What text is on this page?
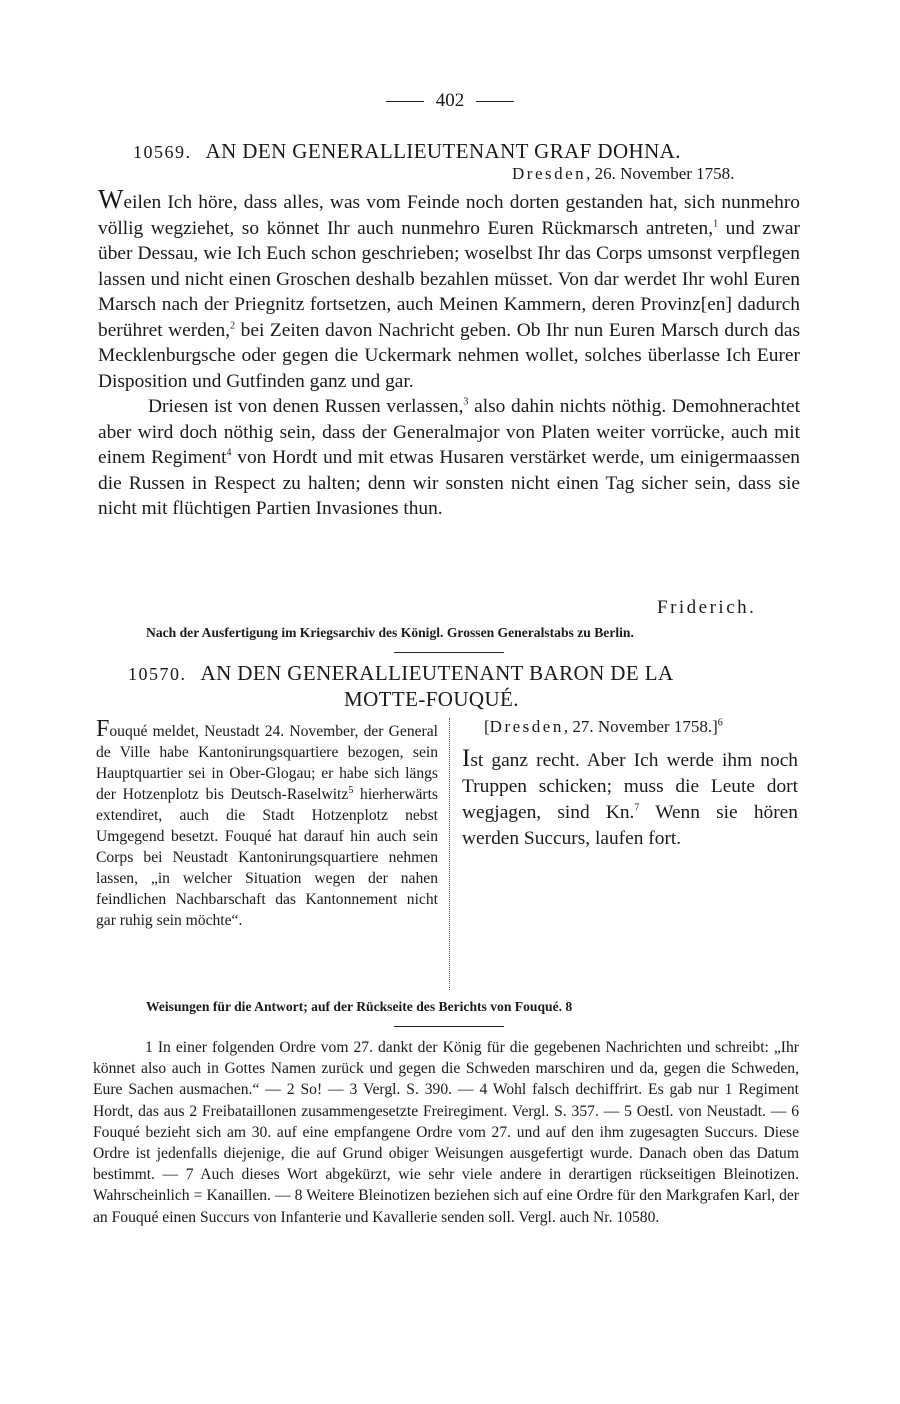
402
10569. AN DEN GENERALLIEUTENANT GRAF DOHNA.
Dresden, 26. November 1758.

Weilen Ich höre, dass alles, was vom Feinde noch dorten gestanden hat, sich nunmehro völlig wegziehet, so könnet Ihr auch nunmehro Euren Rückmarsch antreten,$^1$ und zwar über Dessau, wie Ich Euch schon geschrieben; woselbst Ihr das Corps umsonst verpflegen lassen und nicht einen Groschen deshalb bezahlen müsset. Von dar werdet Ihr wohl Euren Marsch nach der Priegnitz fortsetzen, auch Meinen Kammern, deren Provinz[en] dadurch berühret werden,$^2$ bei Zeiten davon Nachricht geben. Ob Ihr nun Euren Marsch durch das Mecklenburgsche oder gegen die Uckermark nehmen wollet, solches überlasse Ich Eurer Disposition und Gutfinden ganz und gar.

Driesen ist von denen Russen verlassen,$^3$ also dahin nichts nöthig. Demohnerachtet aber wird doch nöthig sein, dass der Generalmajor von Platen weiter vorrücke, auch mit einem Regiment$^4$ von Hordt und mit etwas Husaren verstärket werde, um einigermaassen die Russen in Respect zu halten; denn wir sonsten nicht einen Tag sicher sein, dass sie nicht mit flüchtigen Partien Invasiones thun.

Friderich.
Nach der Ausfertigung im Kriegsarchiv des Königl. Grossen Generalstabs zu Berlin.
10570. AN DEN GENERALLIEUTENANT BARON DE LA
MOTTE-FOUQUÉ.
Fouqué meldet, Neustadt 24. November, der General de Ville habe Kantonirungsquartiere bezogen, sein Hauptquartier sei in Ober-Glogau; er habe sich längs der Hotzenplotz bis Deutsch-Raselwitz$^5$ hierherwärts extendiret, auch die Stadt Hotzenplotz nebst Umgegend besetzt. Fouqué hat darauf hin auch sein Corps bei Neustadt Kantonirungsquartiere nehmen lassen, „in welcher Situation wegen der nahen feindlichen Nachbarschaft das Kantonnement nicht gar ruhig sein möchte“.
[Dresden, 27. November 1758.]$^6$
Ist ganz recht. Aber Ich werde ihm noch Truppen schicken; muss die Leute dort wegjagen, sind Kn.$^7$ Wenn sie hören werden Succurs, laufen fort.
Weisungen für die Antwort; auf der Rückseite des Berichts von Fouqué. 8

1 In einer folgenden Ordre vom 27. dankt der König für die gegebenen Nachrichten und schreibt: „Ihr könnet also auch in Gottes Namen zurück und gegen die Schweden marschiren und da, gegen die Schweden, Eure Sachen ausmachen.“ — 2 So! — 3 Vergl. S. 390. — 4 Wohl falsch dechiffrirt. Es gab nur 1 Regiment Hordt, das aus 2 Freibataillonen zusammengesetzte Freiregiment. Vergl. S. 357. — 5 Oestl. von Neustadt. — 6 Fouqué bezieht sich am 30. auf eine empfangene Ordre vom 27. und auf den ihm zugesagten Succurs. Diese Ordre ist jedenfalls diejenige, die auf Grund obiger Weisungen ausgefertigt wurde. Danach oben das Datum bestimmt. — 7 Auch dieses Wort abgekürzt, wie sehr viele andere in derartigen rückseitigen Bleinotizen. Wahrscheinlich = Kanaillen. — 8 Weitere Bleinotizen beziehen sich auf eine Ordre für den Markgrafen Karl, der an Fouqué einen Succurs von Infanterie und Kavallerie senden soll. Vergl. auch Nr. 10580.
